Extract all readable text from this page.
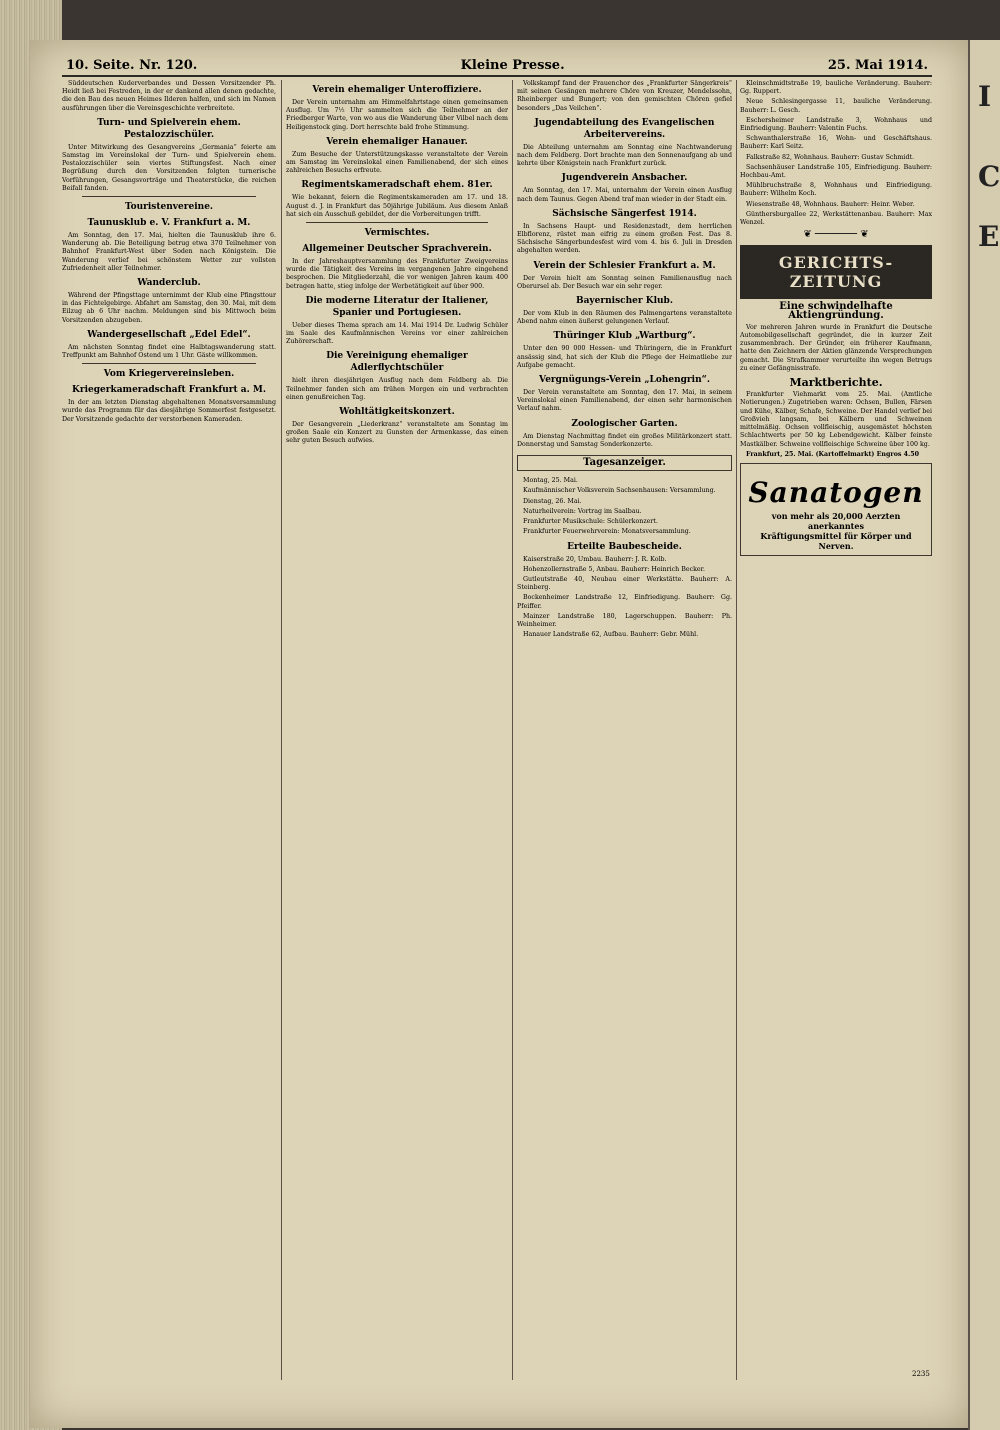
I
C
E
10. Seite. Nr. 120.	Kleine Presse.	25. Mai 1914.

Süddeutschen Kuderverbandes und Dessen Vorsitzender Ph. Heidt ließ bei Festreden, in der er dankend allen denen gedachte, die den Bau des neuen Heimes Ilderen halfen, und sich im Namen ausführungen über die Vereinsgeschichte verbreitete.

Turn- und Spielverein ehem. Pestalozzischüler.

Unter Mitwirkung des Gesangvereins „Germania“ feierte am Samstag im Vereinslokal der Turn- und Spielverein ehem. Pestalozzischüler sein viertes Stiftungsfest. Nach einer Begrüßung durch den Vorsitzenden folgten turnerische Vorführungen, Gesangsvorträge und Theaterstücke, die reichen Beifall fanden.

Touristenvereine.
Taunusklub e. V. Frankfurt a. M.

Am Sonntag, den 17. Mai, hielten die Taunusklub ihre 6. Wanderung ab. Die Beteiligung betrug etwa 370 Teilnehmer von Bahnhof Frankfurt-West über Soden nach Königstein. Die Wanderung verlief bei schönstem Wetter zur vollsten Zufriedenheit aller Teilnehmer.

Wanderclub.

Während der Pfingsttage unternimmt der Klub eine Pfingsttour in das Fichtelgebirge. Abfahrt am Samstag, den 30. Mai, mit dem Eilzug ab 6 Uhr nachm. Meldungen sind bis Mittwoch beim Vorsitzenden abzugeben.

Wandergesellschaft „Edel Edel“.

Am nächsten Sonntag findet eine Halbtagswanderung statt. Treffpunkt am Bahnhof Ostend um 1 Uhr. Gäste willkommen.

Vom Kriegervereinsleben.
Kriegerkameradschaft Frankfurt a. M.

In der am letzten Dienstag abgehaltenen Monatsversammlung wurde das Programm für das diesjährige Sommerfest festgesetzt. Der Vorsitzende gedachte der verstorbenen Kameraden.

Verein ehemaliger Unteroffiziere.

Der Verein unternahm am Himmelfahrtstage einen gemeinsamen Ausflug. Um 7½ Uhr sammelten sich die Teilnehmer an der Friedberger Warte, von wo aus die Wanderung über Vilbel nach dem Heiligenstock ging. Dort herrschte bald frohe Stimmung.

Verein ehemaliger Hanauer.

Zum Besuche der Unterstützungskasse veranstaltete der Verein am Samstag im Vereinslokal einen Familienabend, der sich eines zahlreichen Besuchs erfreute.

Regimentskameradschaft ehem. 81er.

Wie bekannt, feiern die Regimentskameraden am 17. und 18. August d. J. in Frankfurt das 50jährige Jubiläum. Aus diesem Anlaß hat sich ein Ausschuß gebildet, der die Vorbereitungen trifft.

Vermischtes.
Allgemeiner Deutscher Sprachverein.

In der Jahreshauptversammlung des Frankfurter Zweigvereins wurde die Tätigkeit des Vereins im vergangenen Jahre eingehend besprochen. Die Mitgliederzahl, die vor wenigen Jahren kaum 400 betragen hatte, stieg infolge der Werbetätigkeit auf über 900.

Die moderne Literatur der Italiener, Spanier und Portugiesen.

Ueber dieses Thema sprach am 14. Mai 1914 Dr. Ludwig Schüler im Saale des Kaufmännischen Vereins vor einer zahlreichen Zuhörerschaft.

Die Vereinigung ehemaliger Adlerflychtschüler

hielt ihren diesjährigen Ausflug nach dem Feldberg ab. Die Teilnehmer fanden sich am frühen Morgen ein und verbrachten einen genußreichen Tag.

Wohltätigkeitskonzert.

Der Gesangverein „Liederkranz“ veranstaltete am Sonntag im großen Saale ein Konzert zu Gunsten der Armenkasse, das einen sehr guten Besuch aufwies.

Volkskampf fand der Frauenchor des „Frankfurter Sängerkreis“ mit seinen Gesängen mehrere Chöre von Kreuzer, Mendelssohn, Rheinberger und Bungert; von den gemischten Chören gefiel besonders „Das Veilchen“.

Jugendabteilung des Evangelischen Arbeitervereins.

Die Abteilung unternahm am Sonntag eine Nachtwanderung nach dem Feldberg. Dort brachte man den Sonnenaufgang ab und kehrte über Königstein nach Frankfurt zurück.

Jugendverein Ansbacher.

Am Sonntag, den 17. Mai, unternahm der Verein einen Ausflug nach dem Taunus. Gegen Abend traf man wieder in der Stadt ein.

Sächsische Sängerfest 1914.

In Sachsens Haupt- und Residenzstadt, dem herrlichen Elbflorenz, rüstet man eifrig zu einem großen Fest. Das 8. Sächsische Sängerbundesfest wird vom 4. bis 6. Juli in Dresden abgehalten werden.

Verein der Schlesier Frankfurt a. M.

Der Verein hielt am Sonntag seinen Familienausflug nach Oberursel ab. Der Besuch war ein sehr reger.

Bayernischer Klub.

Der vom Klub in den Räumen des Palmengartens veranstaltete Abend nahm einen äußerst gelungenen Verlauf.

Thüringer Klub „Wartburg“.

Unter den 90 000 Hessen- und Thüringern, die in Frankfurt ansässig sind, hat sich der Klub die Pflege der Heimatliebe zur Aufgabe gemacht.

Vergnügungs-Verein „Lohengrin“.

Der Verein veranstaltete am Sonntag, den 17. Mai, in seinem Vereinslokal einen Familienabend, der einen sehr harmonischen Verlauf nahm.

Zoologischer Garten.

Am Dienstag Nachmittag findet ein großes Militärkonzert statt. Donnerstag und Samstag Sonderkonzerte.

Tagesanzeiger.

Montag, 25. Mai.

Kaufmännischer Volksverein Sachsenhausen: Versammlung.

Dienstag, 26. Mai.

Naturheilverein: Vortrag im Saalbau.

Frankfurter Musikschule: Schülerkonzert.

Frankfurter Feuerwehrverein: Monatsversammlung.

Erteilte Baubescheide.

Kaiserstraße 20, Umbau. Bauherr: J. R. Kolb.

Hohenzollernstraße 5, Anbau. Bauherr: Heinrich Becker.

Gutleutstraße 40, Neubau einer Werkstätte. Bauherr: A. Steinberg.

Bockenheimer Landstraße 12, Einfriedigung. Bauherr: Gg. Pfeiffer.

Mainzer Landstraße 180, Lagerschuppen. Bauherr: Ph. Weinheimer.

Hanauer Landstraße 62, Aufbau. Bauherr: Gebr. Mühl.

Kleinschmidtstraße 19, bauliche Veränderung. Bauherr: Gg. Ruppert.

Neue Schlesingergasse 11, bauliche Veränderung. Bauherr: L. Gesch.

Eschersheimer Landstraße 3, Wohnhaus und Einfriedigung. Bauherr: Valentin Fuchs.

Schwanthalerstraße 16, Wohn- und Geschäftshaus. Bauherr: Karl Seitz.

Falkstraße 82, Wohnhaus. Bauherr: Gustav Schmidt.

Sachsenhäuser Landstraße 105, Einfriedigung. Bauherr: Hochbau-Amt.

Mühlbruchstraße 8, Wohnhaus und Einfriedigung. Bauherr: Wilhelm Koch.

Wiesenstraße 48, Wohnhaus. Bauherr: Heinr. Weber.

Günthersburgallee 22, Werkstättenanbau. Bauherr: Max Wenzel.

❦ ─────── ❦
GERICHTS-ZEITUNG
Eine schwindelhafte Aktiengründung.

Vor mehreren Jahren wurde in Frankfurt die Deutsche Automobilgesellschaft gegründet, die in kurzer Zeit zusammenbrach. Der Gründer, ein früherer Kaufmann, hatte den Zeichnern der Aktien glänzende Versprechungen gemacht. Die Strafkammer verurteilte ihn wegen Betrugs zu einer Gefängnisstrafe.

Marktberichte.

Frankfurter Viehmarkt vom 25. Mai. (Amtliche Notierungen.) Zugetrieben waren: Ochsen, Bullen, Färsen und Kühe, Kälber, Schafe, Schweine. Der Handel verlief bei Großvieh langsam, bei Kälbern und Schweinen mittelmäßig. Ochsen vollfleischig, ausgemästet höchsten Schlachtwerts per 50 kg Lebendgewicht. Kälber feinste Mastkälber. Schweine vollfleischige Schweine über 100 kg.

Frankfurt, 25. Mai. (Kartoffelmarkt) Engros 4.50

Sanatogen
von mehr als 20,000 Aerzten anerkanntes
Kräftigungsmittel für Körper und Nerven.
2235
